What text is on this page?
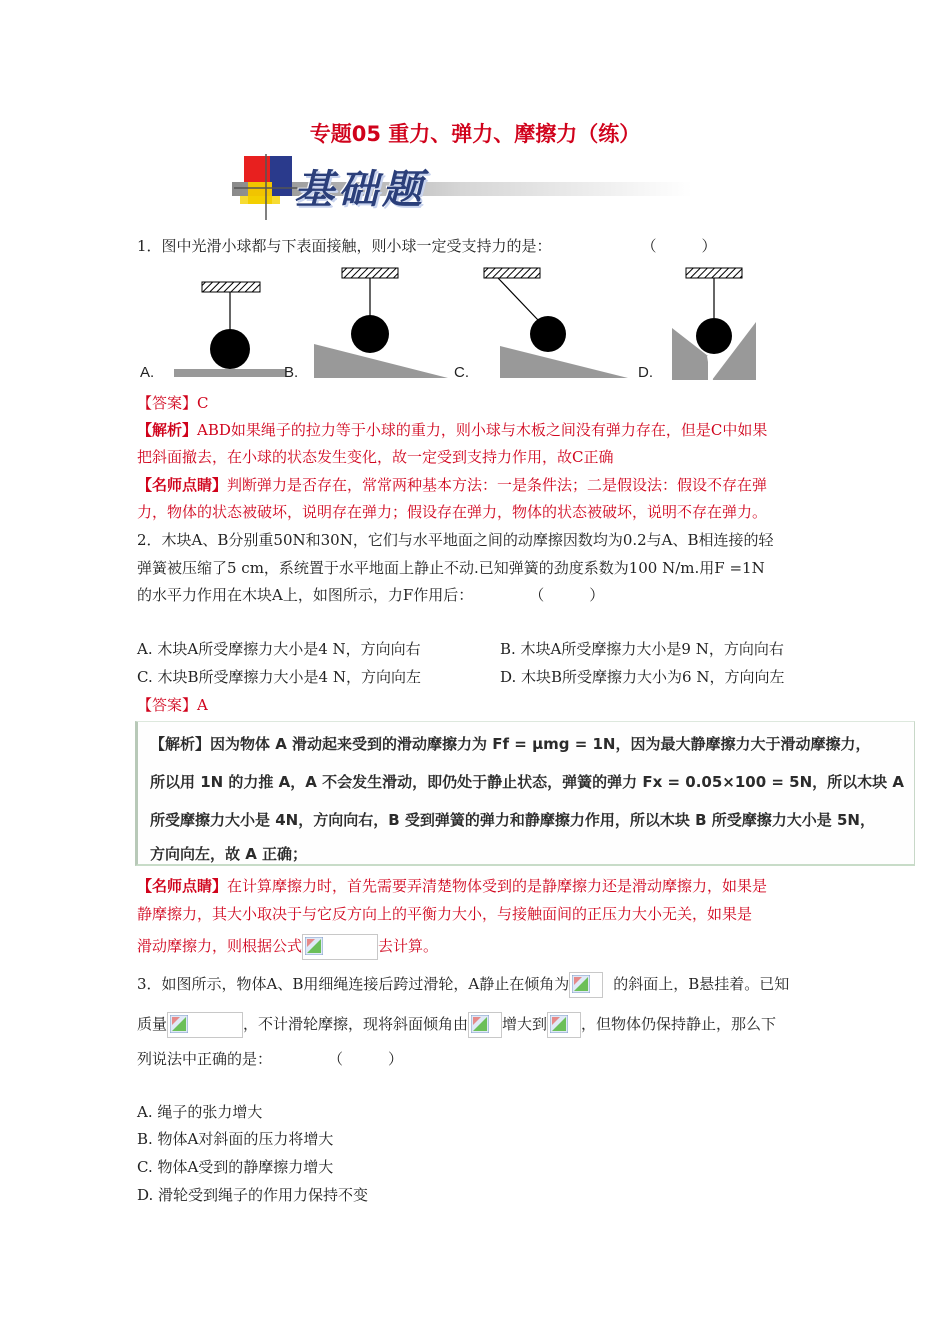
专题05 重力、弹力、摩擦力（练）
基础题
1．图中光滑小球都与下表面接触，则小球一定受支持力的是：	（　　　）
A.	B.	C.	D.
【答案】C
【解析】ABD如果绳子的拉力等于小球的重力，则小球与木板之间没有弹力存在，但是C中如果
把斜面撤去，在小球的状态发生变化，故一定受到支持力作用，故C正确
【名师点睛】判断弹力是否存在，常常两种基本方法：一是条件法；二是假设法：假设不存在弹
力，物体的状态被破坏，说明存在弹力；假设存在弹力，物体的状态被破坏，说明不存在弹力。
2．木块A、B分别重50N和30N，它们与水平地面之间的动摩擦因数均为0.2与A、B相连接的轻
弹簧被压缩了5 cm，系统置于水平地面上静止不动.已知弹簧的劲度系数为100 N/m.用F =1N
的水平力作用在木块A上，如图所示，力F作用后：	（　　　）
A. 木块A所受摩擦力大小是4 N，方向向右	B. 木块A所受摩擦力大小是9 N，方向向右
C. 木块B所受摩擦力大小是4 N，方向向左	D. 木块B所受摩擦力大小为6 N，方向向左
【答案】A
【解析】因为物体 A 滑动起来受到的滑动摩擦力为 Ff = μmg = 1N，因为最大静摩擦力大于滑动摩擦力，
所以用 1N 的力推 A，A 不会发生滑动，即仍处于静止状态，弹簧的弹力 Fx = 0.05×100 = 5N，所以木块 A
所受摩擦力大小是 4N，方向向右，B 受到弹簧的弹力和静摩擦力作用，所以木块 B 所受摩擦力大小是 5N，
方向向左，故 A 正确；
【名师点睛】在计算摩擦力时，首先需要弄清楚物体受到的是静摩擦力还是滑动摩擦力，如果是
静摩擦力，其大小取决于与它反方向上的平衡力大小，与接触面间的正压力大小无关，如果是
滑动摩擦力，则根据公式	去计算。
3．如图所示，物体A、B用细绳连接后跨过滑轮，A静止在倾角为	的斜面上，B悬挂着。已知
质量	，不计滑轮摩擦，现将斜面倾角由 增大到 ，但物体仍保持静止，那么下
列说法中正确的是：	（　　　）
A. 绳子的张力增大
B. 物体A对斜面的压力将增大
C. 物体A受到的静摩擦力增大
D. 滑轮受到绳子的作用力保持不变
